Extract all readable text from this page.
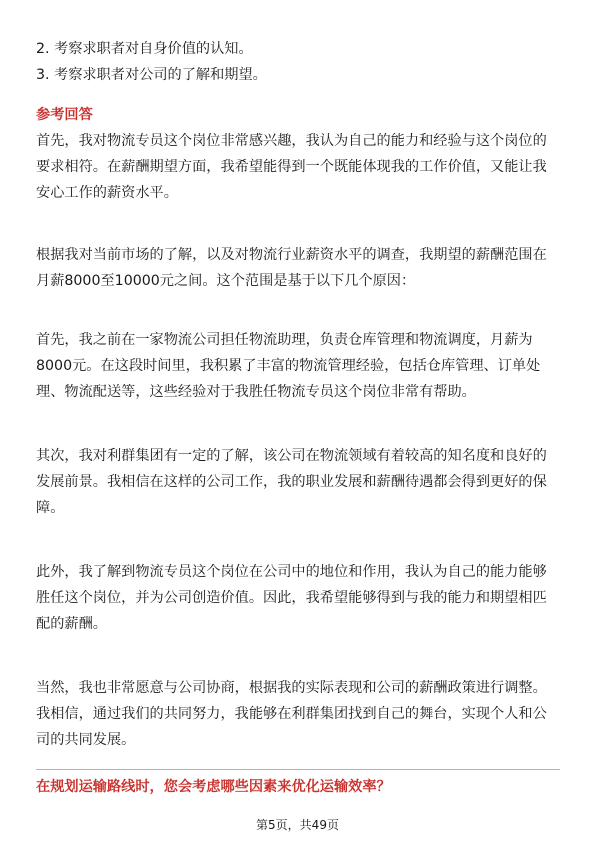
2. 考察求职者对自身价值的认知。

3. 考察求职者对公司的了解和期望。

参考回答

首先，我对物流专员这个岗位非常感兴趣，我认为自己的能力和经验与这个岗位的

要求相符。在薪酬期望方面，我希望能得到一个既能体现我的工作价值，又能让我

安心工作的薪资水平。

根据我对当前市场的了解，以及对物流行业薪资水平的调查，我期望的薪酬范围在

月薪8000至10000元之间。这个范围是基于以下几个原因：

首先，我之前在一家物流公司担任物流助理，负责仓库管理和物流调度，月薪为

8000元。在这段时间里，我积累了丰富的物流管理经验，包括仓库管理、订单处

理、物流配送等，这些经验对于我胜任物流专员这个岗位非常有帮助。

其次，我对利群集团有一定的了解，该公司在物流领域有着较高的知名度和良好的

发展前景。我相信在这样的公司工作，我的职业发展和薪酬待遇都会得到更好的保

障。

此外，我了解到物流专员这个岗位在公司中的地位和作用，我认为自己的能力能够

胜任这个岗位，并为公司创造价值。因此，我希望能够得到与我的能力和期望相匹

配的薪酬。

当然，我也非常愿意与公司协商，根据我的实际表现和公司的薪酬政策进行调整。

我相信，通过我们的共同努力，我能够在利群集团找到自己的舞台，实现个人和公

司的共同发展。

在规划运输路线时，您会考虑哪些因素来优化运输效率？
第5页，共49页
